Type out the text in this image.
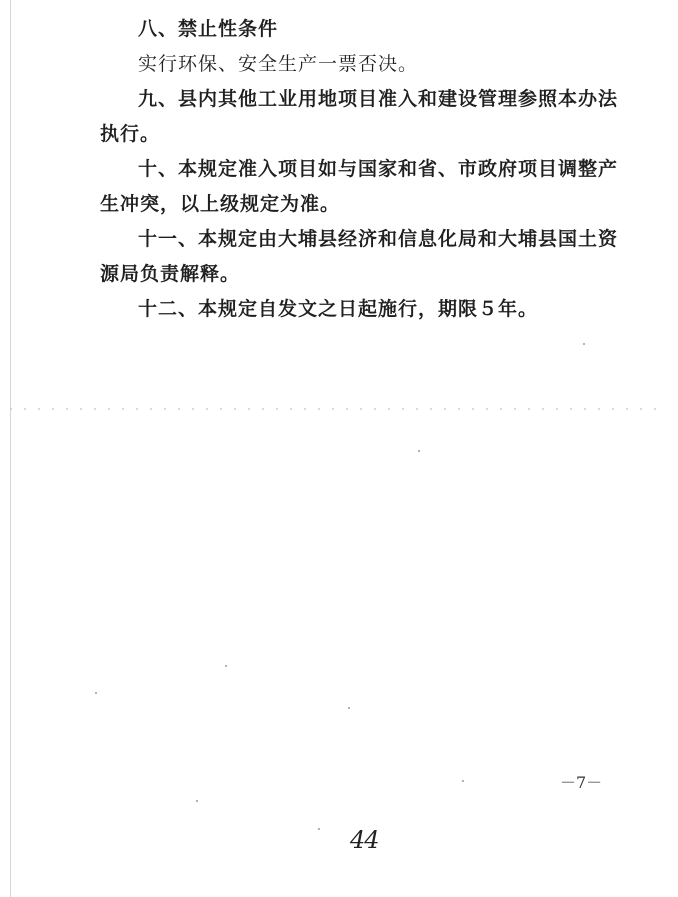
八、禁止性条件

实行环保、安全生产一票否决。

九、县内其他工业用地项目准入和建设管理参照本办法执行。

十、本规定准入项目如与国家和省、市政府项目调整产生冲突，以上级规定为准。

十一、本规定由大埔县经济和信息化局和大埔县国土资源局负责解释。

十二、本规定自发文之日起施行，期限５年。

－7－
44
